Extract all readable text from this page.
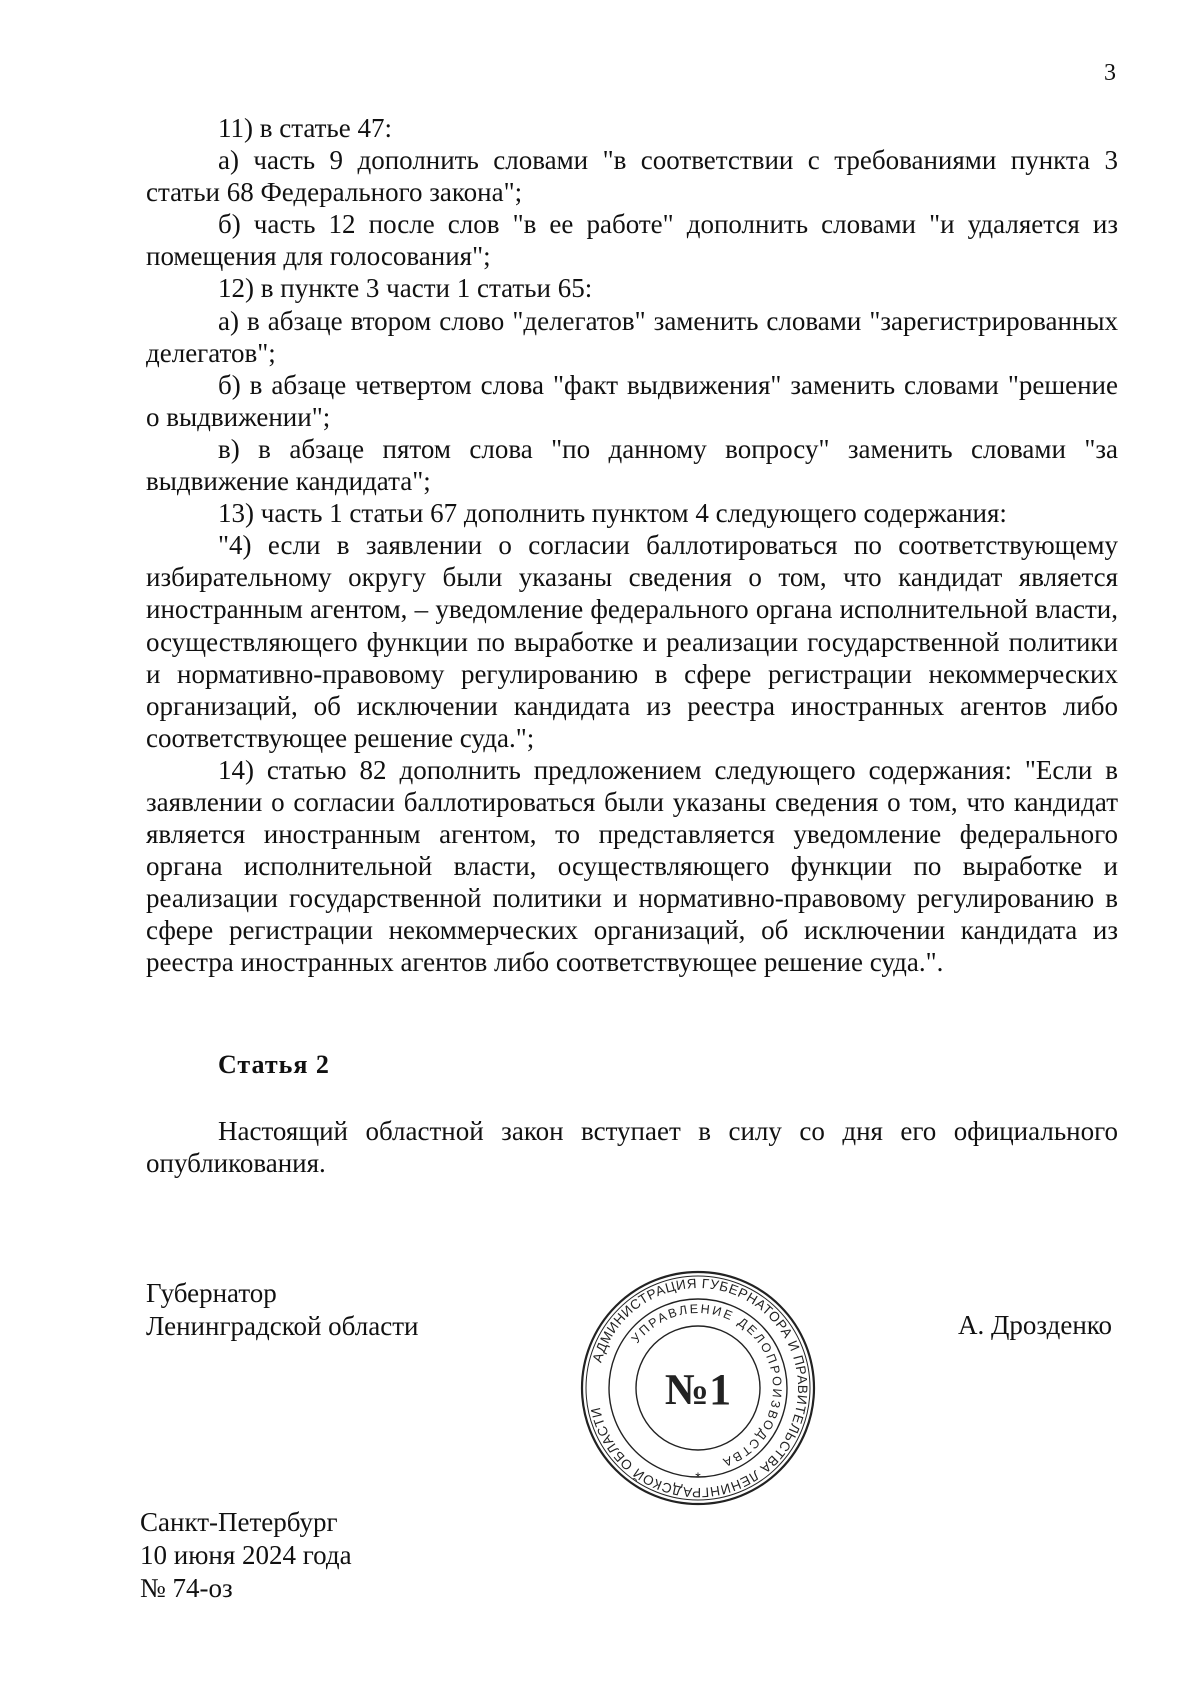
3

11) в статье 47:

а) часть 9 дополнить словами "в соответствии с требованиями пункта 3 статьи 68 Федерального закона";

б) часть 12 после слов "в ее работе" дополнить словами "и удаляется из помещения для голосования";

12) в пункте 3 части 1 статьи 65:

а) в абзаце втором слово "делегатов" заменить словами "зарегистрированных делегатов";

б) в абзаце четвертом слова "факт выдвижения" заменить словами "решение о выдвижении";

в) в абзаце пятом слова "по данному вопросу" заменить словами "за выдвижение кандидата";

13) часть 1 статьи 67 дополнить пунктом 4 следующего содержания:

"4) если в заявлении о согласии баллотироваться по соответствующему избирательному округу были указаны сведения о том, что кандидат является иностранным агентом, – уведомление федерального органа исполнительной власти, осуществляющего функции по выработке и реализации государственной политики и нормативно-правовому регулированию в сфере регистрации некоммерческих организаций, об исключении кандидата из реестра иностранных агентов либо соответствующее решение суда.";

14) статью 82 дополнить предложением следующего содержания: "Если в заявлении о согласии баллотироваться были указаны сведения о том, что кандидат является иностранным агентом, то представляется уведомление федерального органа исполнительной власти, осуществляющего функции по выработке и реализации государственной политики и нормативно-правовому регулированию в сфере регистрации некоммерческих организаций, об исключении кандидата из реестра иностранных агентов либо соответствующее решение суда.".

Статья 2

Настоящий областной закон вступает в силу со дня его официального опубликования.

Губернатор
Ленинградской области	А. Дрозденко
АДМИНИСТРАЦИЯ ГУБЕРНАТОРА И ПРАВИТЕЛЬСТВА ЛЕНИНГРАДСКОЙ ОБЛАСТИ
УПРАВЛЕНИЕ ДЕЛОПРОИЗВОДСТВА
№1
*
Санкт-Петербург
10 июня 2024 года
№ 74-оз
